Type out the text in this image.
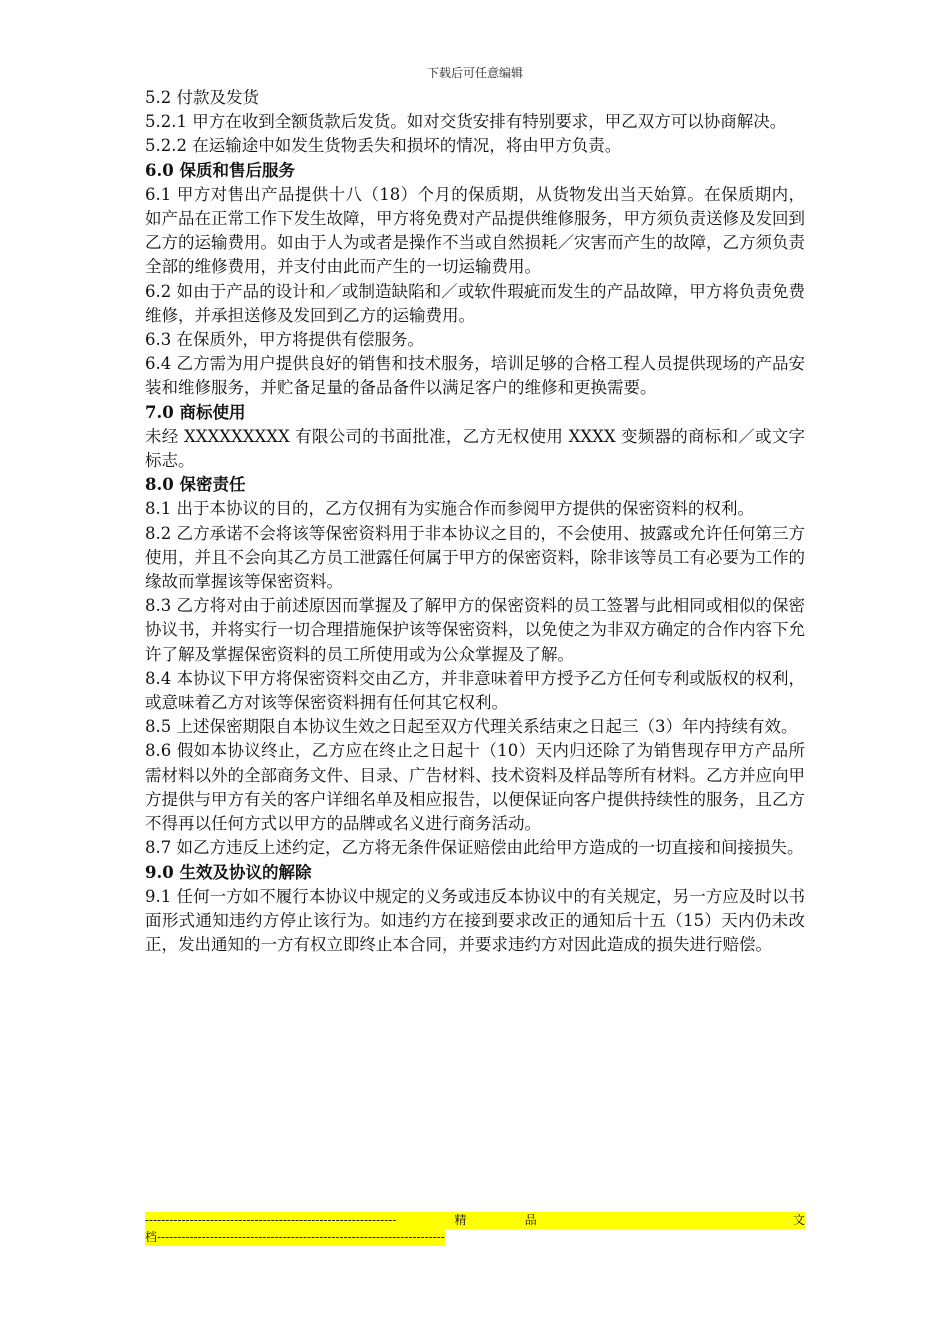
下载后可任意编辑

5.2 付款及发货

5.2.1 甲方在收到全额货款后发货。如对交货安排有特别要求，甲乙双方可以协商解决。

5.2.2 在运输途中如发生货物丢失和损坏的情况，将由甲方负责。

6.0 保质和售后服务

6.1 甲方对售出产品提供十八（18）个月的保质期，从货物发出当天始算。在保质期内，如产品在正常工作下发生故障，甲方将免费对产品提供维修服务，甲方须负责送修及发回到乙方的运输费用。如由于人为或者是操作不当或自然损耗／灾害而产生的故障，乙方须负责全部的维修费用，并支付由此而产生的一切运输费用。

6.2 如由于产品的设计和／或制造缺陷和／或软件瑕疵而发生的产品故障，甲方将负责免费维修，并承担送修及发回到乙方的运输费用。

6.3 在保质外，甲方将提供有偿服务。

6.4 乙方需为用户提供良好的销售和技术服务，培训足够的合格工程人员提供现场的产品安装和维修服务，并贮备足量的备品备件以满足客户的维修和更换需要。

7.0 商标使用

未经 XXXXXXXXX 有限公司的书面批准，乙方无权使用 XXXX 变频器的商标和／或文字标志。

8.0 保密责任

8.1 出于本协议的目的，乙方仅拥有为实施合作而参阅甲方提供的保密资料的权利。

8.2 乙方承诺不会将该等保密资料用于非本协议之目的，不会使用、披露或允许任何第三方使用，并且不会向其乙方员工泄露任何属于甲方的保密资料，除非该等员工有必要为工作的缘故而掌握该等保密资料。

8.3 乙方将对由于前述原因而掌握及了解甲方的保密资料的员工签署与此相同或相似的保密协议书，并将实行一切合理措施保护该等保密资料，以免使之为非双方确定的合作内容下允许了解及掌握保密资料的员工所使用或为公众掌握及了解。

8.4 本协议下甲方将保密资料交由乙方，并非意味着甲方授予乙方任何专利或版权的权利，或意味着乙方对该等保密资料拥有任何其它权利。

8.5 上述保密期限自本协议生效之日起至双方代理关系结束之日起三（3）年内持续有效。

8.6 假如本协议终止，乙方应在终止之日起十（10）天内归还除了为销售现存甲方产品所需材料以外的全部商务文件、目录、广告材料、技术资料及样品等所有材料。乙方并应向甲方提供与甲方有关的客户详细名单及相应报告，以便保证向客户提供持续性的服务，且乙方不得再以任何方式以甲方的品牌或名义进行商务活动。

8.7 如乙方违反上述约定，乙方将无条件保证赔偿由此给甲方造成的一切直接和间接损失。

9.0 生效及协议的解除

9.1 任何一方如不履行本协议中规定的义务或违反本协议中的有关规定，另一方应及时以书面形式通知违约方停止该行为。如违约方在接到要求改正的通知后十五（15）天内仍未改正，发出通知的一方有权立即终止本合同，并要求违约方对因此造成的损失进行赔偿。

--------------------------------------------------------------	精	品	文
档-----------------------------------------------------------------------
